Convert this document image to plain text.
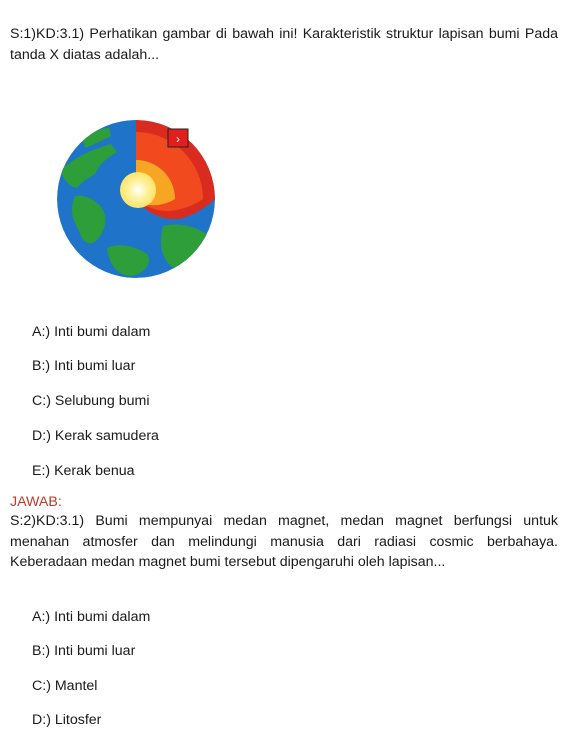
S:1)KD:3.1) Perhatikan gambar di bawah ini! Karakteristik struktur lapisan bumi Pada tanda X diatas adalah...
›
A:) Inti bumi dalam
B:) Inti bumi luar
C:) Selubung bumi
D:) Kerak samudera
E:) Kerak benua
JAWAB:
S:2)KD:3.1) Bumi mempunyai medan magnet, medan magnet berfungsi untuk menahan atmosfer dan melindungi manusia dari radiasi cosmic berbahaya. Keberadaan medan magnet bumi tersebut dipengaruhi oleh lapisan...
A:) Inti bumi dalam
B:) Inti bumi luar
C:) Mantel
D:) Litosfer
